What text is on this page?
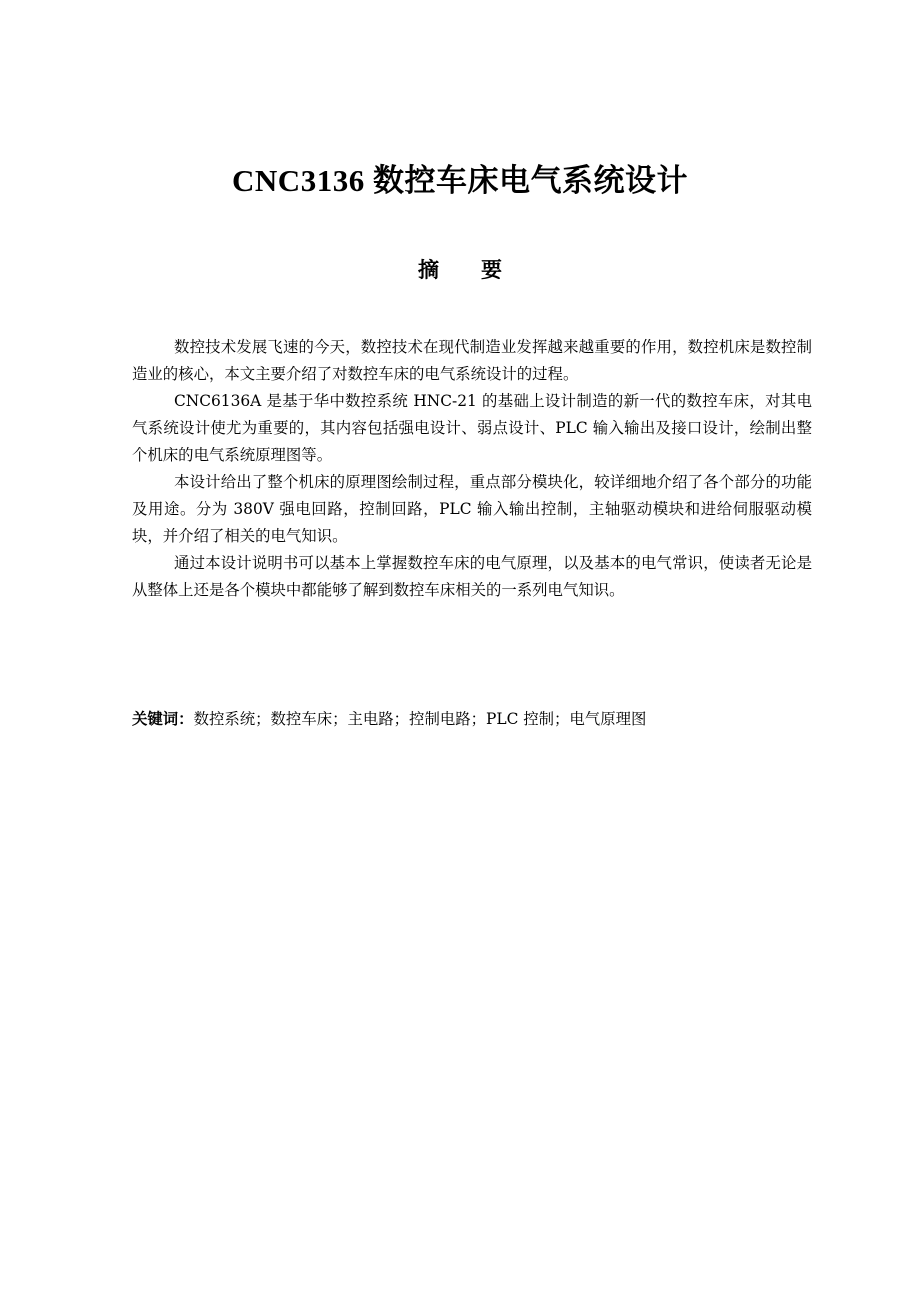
CNC3136 数控车床电气系统设计
摘　　要

数控技术发展飞速的今天，数控技术在现代制造业发挥越来越重要的作用，数控机床是数控制造业的核心，本文主要介绍了对数控车床的电气系统设计的过程。

CNC6136A 是基于华中数控系统 HNC-21 的基础上设计制造的新一代的数控车床，对其电气系统设计使尤为重要的，其内容包括强电设计、弱点设计、PLC 输入输出及接口设计，绘制出整个机床的电气系统原理图等。

本设计给出了整个机床的原理图绘制过程，重点部分模块化，较详细地介绍了各个部分的功能及用途。分为 380V 强电回路，控制回路，PLC 输入输出控制，主轴驱动模块和进给伺服驱动模块，并介绍了相关的电气知识。

通过本设计说明书可以基本上掌握数控车床的电气原理，以及基本的电气常识，使读者无论是从整体上还是各个模块中都能够了解到数控车床相关的一系列电气知识。

关键词：数控系统；数控车床；主电路；控制电路；PLC 控制；电气原理图
